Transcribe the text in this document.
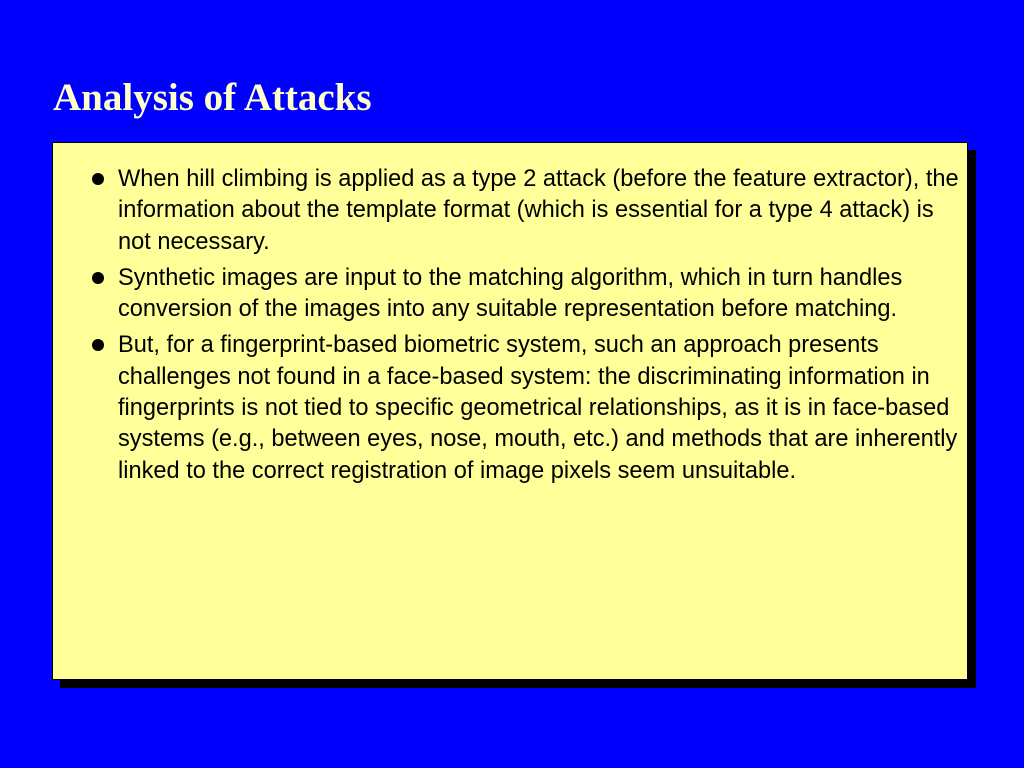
Analysis of Attacks
When hill climbing is applied as a type 2 attack (before the feature extractor), the information about the template format (which is essential for a type 4 attack) is not necessary.
Synthetic images are input to the matching algorithm, which in turn handles conversion of the images into any suitable representation before matching.
But, for a fingerprint-based biometric system, such an approach presents challenges not found in a face-based system: the discriminating information in fingerprints is not tied to specific geometrical relationships, as it is in face-based systems (e.g., between eyes, nose, mouth, etc.) and methods that are inherently linked to the correct registration of image pixels seem unsuitable.
